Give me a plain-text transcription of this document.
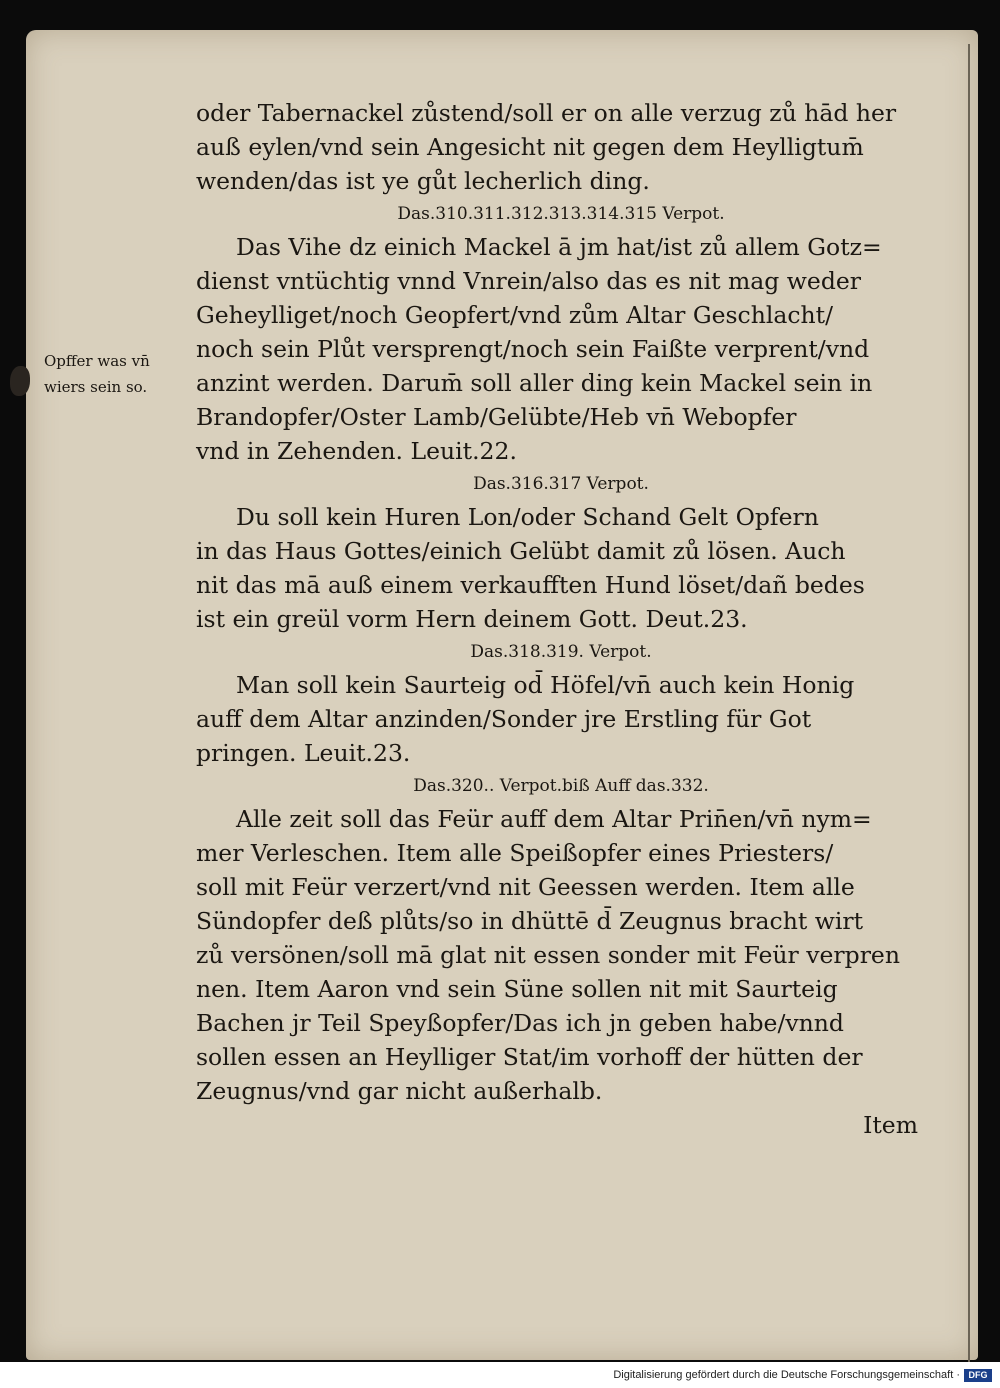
oder Tabernackel zůstend/soll er on alle verzug zů hād her

auß eylen/vnd sein Angesicht nit gegen dem Heylligtum̄

wenden/das ist ye gůt lecherlich ding.

Das.310.311.312.313.314.315 Verpot.

Das Vihe dz einich Mackel ā jm hat/ist zů allem Gotz=

dienst vntüchtig vnnd Vnrein/also das es nit mag weder

Geheylliget/noch Geopfert/vnd zům Altar Geschlacht/

noch sein Plůt versprengt/noch sein Faißte verprent/vnd

anzint werden. Darum̄ soll aller ding kein Mackel sein in

Brandopfer/Oster Lamb/Gelübte/Heb vn̄ Webopfer

vnd in Zehenden. Leuit.22.

Das.316.317 Verpot.

Du soll kein Huren Lon/oder Schand Gelt Opfern

in das Haus Gottes/einich Gelübt damit zů lösen. Auch

nit das mā auß einem verkaufften Hund löset/dañ bedes

ist ein greül vorm Hern deinem Gott. Deut.23.

Das.318.319. Verpot.

Man soll kein Saurteig od̄ Höfel/vn̄ auch kein Honig

auff dem Altar anzinden/Sonder jre Erstling für Got

pringen. Leuit.23.

Das.320.. Verpot.biß Auff das.332.

Alle zeit soll das Feür auff dem Altar Prin̄en/vn̄ nym=

mer Verleschen. Item alle Speißopfer eines Priesters/

soll mit Feür verzert/vnd nit Geessen werden. Item alle

Sündopfer deß plůts/so in dhüttē d̄ Zeugnus bracht wirt

zů versönen/soll mā glat nit essen sonder mit Feür verpren

nen. Item Aaron vnd sein Süne sollen nit mit Saurteig

Bachen jr Teil Speyßopfer/Das ich jn geben habe/vnnd

sollen essen an Heylliger Stat/im vorhoff der hütten der

Zeugnus/vnd gar nicht außerhalb.

Item

Opffer was vn̄

wiers sein so.

Digitalisierung gefördert durch die Deutsche Forschungsgemeinschaft · DFG
